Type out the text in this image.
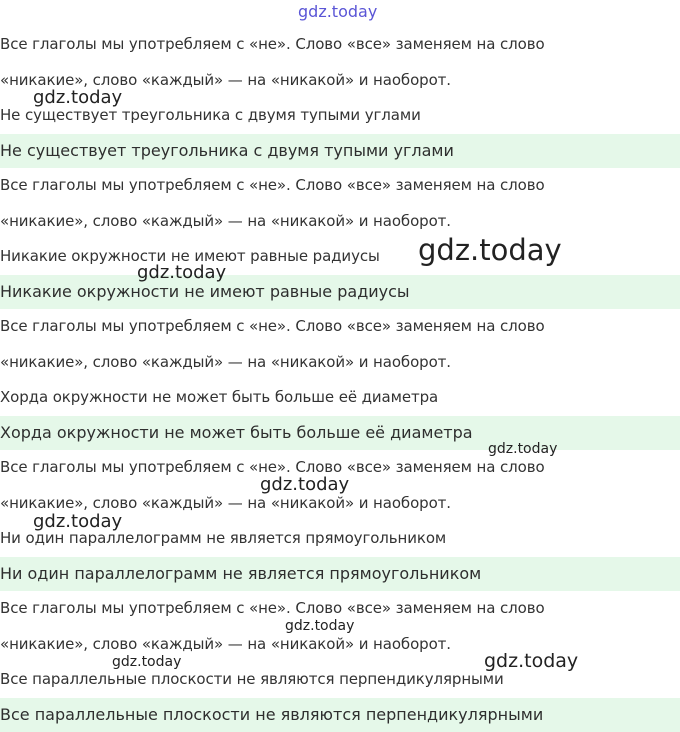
Все глаголы мы употребляем с «не». Слово «все» заменяем на слово
«никакие», слово «каждый» — на «никакой» и наоборот.
Не существует треугольника с двумя тупыми углами
Не существует треугольника с двумя тупыми углами
Все глаголы мы употребляем с «не». Слово «все» заменяем на слово
«никакие», слово «каждый» — на «никакой» и наоборот.
Никакие окружности не имеют равные радиусы
Никакие окружности не имеют равные радиусы
Все глаголы мы употребляем с «не». Слово «все» заменяем на слово
«никакие», слово «каждый» — на «никакой» и наоборот.
Хорда окружности не может быть больше её диаметра
Хорда окружности не может быть больше её диаметра
Все глаголы мы употребляем с «не». Слово «все» заменяем на слово
«никакие», слово «каждый» — на «никакой» и наоборот.
Ни один параллелограмм не является прямоугольником
Ни один параллелограмм не является прямоугольником
Все глаголы мы употребляем с «не». Слово «все» заменяем на слово
«никакие», слово «каждый» — на «никакой» и наоборот.
Все параллельные плоскости не являются перпендикулярными
Все параллельные плоскости не являются перпендикулярными
gdz.today
gdz.today
gdz.today
gdz.today
gdz.today
gdz.today
gdz.today
gdz.today
gdz.today	gdz.today
